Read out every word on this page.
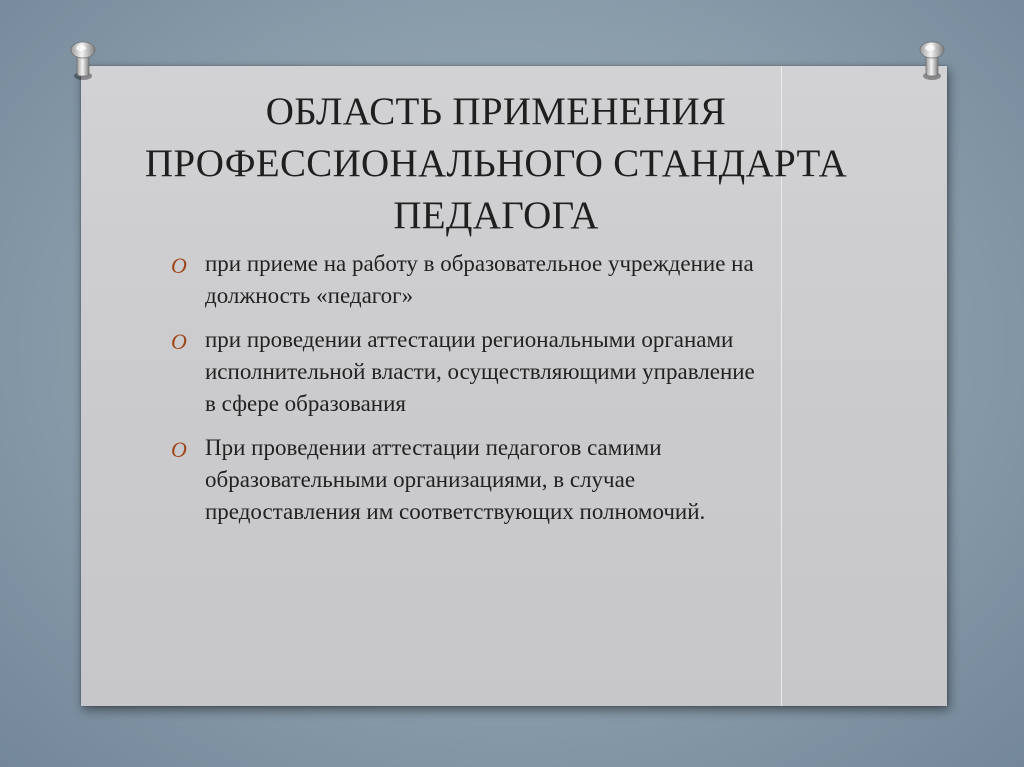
ОБЛАСТЬ ПРИМЕНЕНИЯ
ПРОФЕССИОНАЛЬНОГО СТАНДАРТА
ПЕДАГОГА
O при приеме на работу в образовательное учреждение на должность «педагог»
O при проведении аттестации региональными органами исполнительной власти, осуществляющими управление в сфере образования
O При проведении аттестации педагогов самими образовательными организациями, в случае предоставления им соответствующих полномочий.
